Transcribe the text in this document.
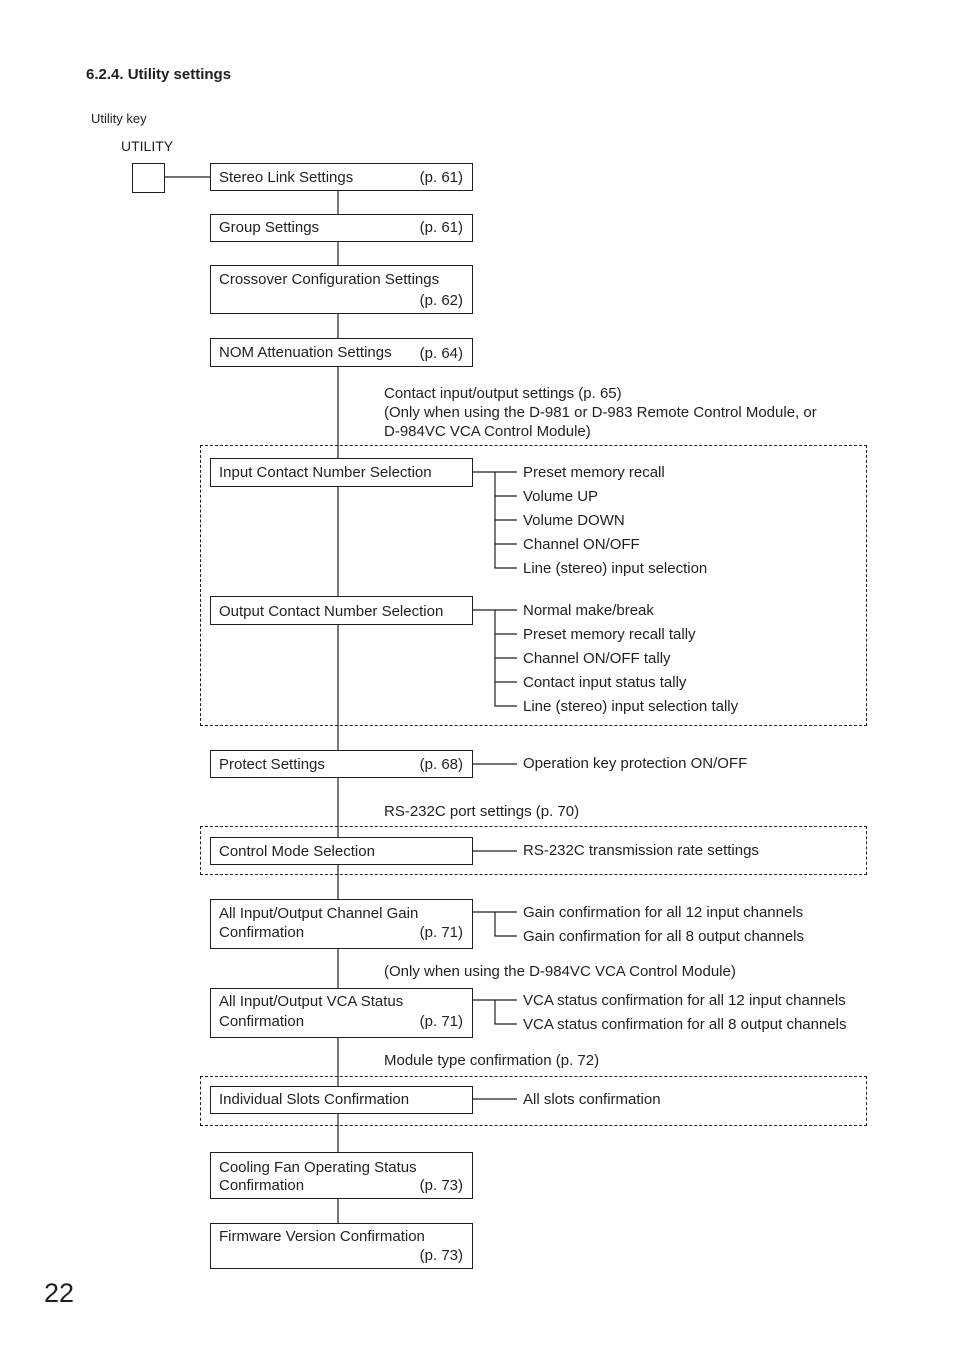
6.2.4. Utility settings
Utility key
UTILITY
Stereo Link Settings	(p. 61)
Group Settings	(p. 61)
Crossover Configuration Settings
(p. 62)
NOM Attenuation Settings (p. 64)
Contact input/output settings (p. 65)
(Only when using the D-981 or D-983 Remote Control Module, or
D-984VC VCA Control Module)
Input Contact Number Selection	Preset memory recall
Volume UP
Volume DOWN
Channel ON/OFF
Line (stereo) input selection
Output Contact Number Selection	Normal make/break
Preset memory recall tally
Channel ON/OFF tally
Contact input status tally
Line (stereo) input selection tally
Protect Settings	(p. 68)	Operation key protection ON/OFF
RS-232C port settings (p. 70)
Control Mode Selection	RS-232C transmission rate settings
All Input/Output Channel Gain
Confirmation	(p. 71)
Gain confirmation for all 12 input channels
Gain confirmation for all 8 output channels
(Only when using the D-984VC VCA Control Module)
All Input/Output VCA Status
Confirmation	(p. 71)
VCA status confirmation for all 12 input channels
VCA status confirmation for all 8 output channels
Module type confirmation (p. 72)
Individual Slots Confirmation	All slots confirmation
Cooling Fan Operating Status
Confirmation	(p. 73)
Firmware Version Confirmation
(p. 73)
22
